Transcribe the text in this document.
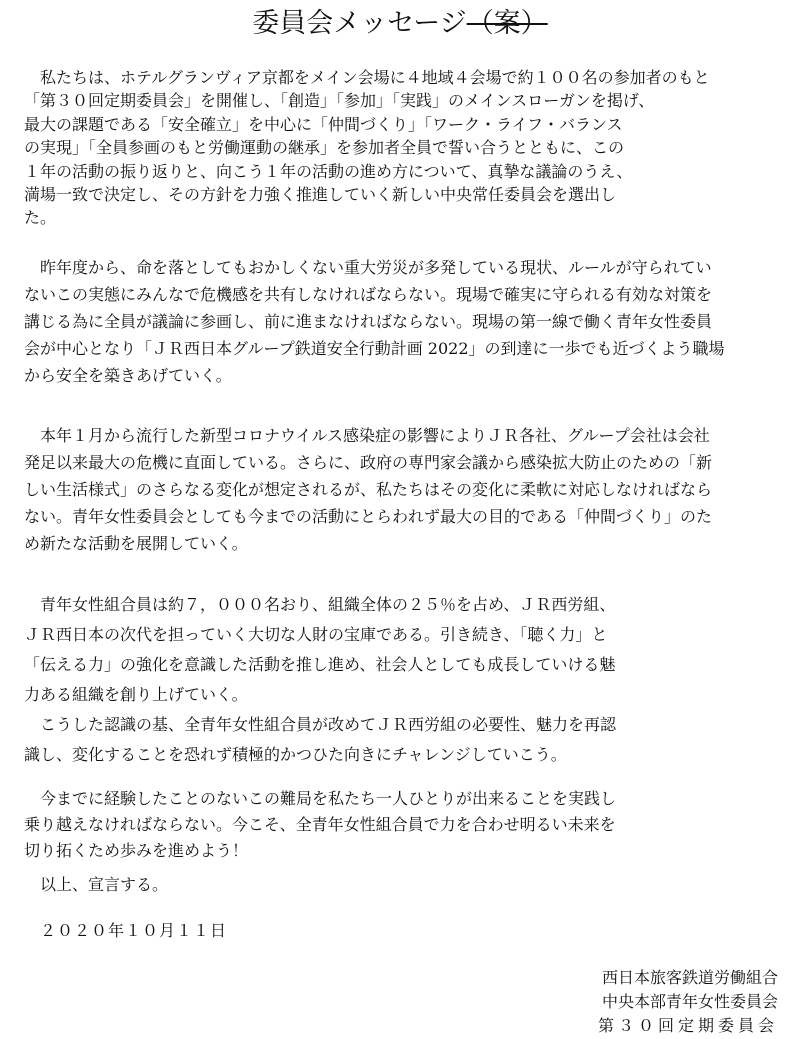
委員会メッセージ（案）
　私たちは、ホテルグランヴィア京都をメイン会場に４地域４会場で約１００名の参加者のもと
「第３０回定期委員会」を開催し、「創造」「参加」「実践」のメインスローガンを掲げ、
最大の課題である「安全確立」を中心に「仲間づくり」「ワーク・ライフ・バランス
の実現」「全員参画のもと労働運動の継承」を参加者全員で誓い合うとともに、この
１年の活動の振り返りと、向こう１年の活動の進め方について、真摯な議論のうえ、
満場一致で決定し、その方針を力強く推進していく新しい中央常任委員会を選出し
た。
　昨年度から、命を落としてもおかしくない重大労災が多発している現状、ルールが守られてい
ないこの実態にみんなで危機感を共有しなければならない。現場で確実に守られる有効な対策を
講じる為に全員が議論に参画し、前に進まなければならない。現場の第一線で働く青年女性委員
会が中心となり「ＪＲ西日本グループ鉄道安全行動計画 2022」の到達に一歩でも近づくよう職場
から安全を築きあげていく。
　本年１月から流行した新型コロナウイルス感染症の影響によりＪＲ各社、グループ会社は会社
発足以来最大の危機に直面している。さらに、政府の専門家会議から感染拡大防止のための「新
しい生活様式」のさらなる変化が想定されるが、私たちはその変化に柔軟に対応しなければなら
ない。青年女性委員会としても今までの活動にとらわれず最大の目的である「仲間づくり」のた
め新たな活動を展開していく。
　青年女性組合員は約７，０００名おり、組織全体の２５％を占め、ＪＲ西労組、
ＪＲ西日本の次代を担っていく大切な人財の宝庫である。引き続き、「聴く力」と
「伝える力」の強化を意識した活動を推し進め、社会人としても成長していける魅
力ある組織を創り上げていく。
　こうした認識の基、全青年女性組合員が改めてＪＲ西労組の必要性、魅力を再認
識し、変化することを恐れず積極的かつひた向きにチャレンジしていこう。
　今までに経験したことのないこの難局を私たち一人ひとりが出来ることを実践し
乗り越えなければならない。今こそ、全青年女性組合員で力を合わせ明るい未来を
切り拓くため歩みを進めよう！
以上、宣言する。
２０２０年１０月１１日
西日本旅客鉄道労働組合
中央本部青年女性委員会
第３０回定期委員会
